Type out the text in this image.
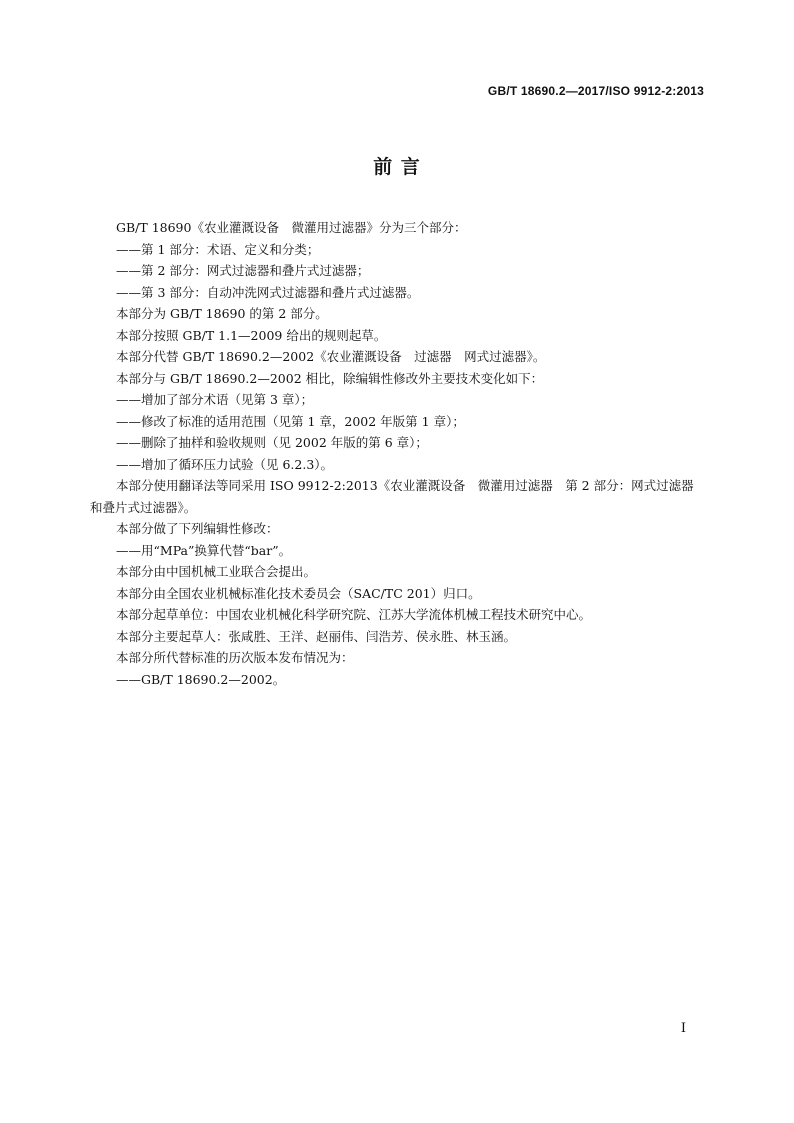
GB/T 18690.2—2017/ISO 9912-2:2013
前 言

GB/T 18690《农业灌溉设备　微灌用过滤器》分为三个部分：

——第 1 部分：术语、定义和分类；

——第 2 部分：网式过滤器和叠片式过滤器；

——第 3 部分：自动冲洗网式过滤器和叠片式过滤器。

本部分为 GB/T 18690 的第 2 部分。

本部分按照 GB/T 1.1—2009 给出的规则起草。

本部分代替 GB/T 18690.2—2002《农业灌溉设备　过滤器　网式过滤器》。

本部分与 GB/T 18690.2—2002 相比，除编辑性修改外主要技术变化如下：

——增加了部分术语（见第 3 章）；

——修改了标准的适用范围（见第 1 章，2002 年版第 1 章）；

——删除了抽样和验收规则（见 2002 年版的第 6 章）；

——增加了循环压力试验（见 6.2.3）。

本部分使用翻译法等同采用 ISO 9912-2:2013《农业灌溉设备　微灌用过滤器　第 2 部分：网式过滤器和叠片式过滤器》。

本部分做了下列编辑性修改：

——用“MPa”换算代替“bar”。

本部分由中国机械工业联合会提出。

本部分由全国农业机械标准化技术委员会（SAC/TC 201）归口。

本部分起草单位：中国农业机械化科学研究院、江苏大学流体机械工程技术研究中心。

本部分主要起草人：张咸胜、王洋、赵丽伟、闫浩芳、侯永胜、林玉涵。

本部分所代替标准的历次版本发布情况为：

——GB/T 18690.2—2002。

I
